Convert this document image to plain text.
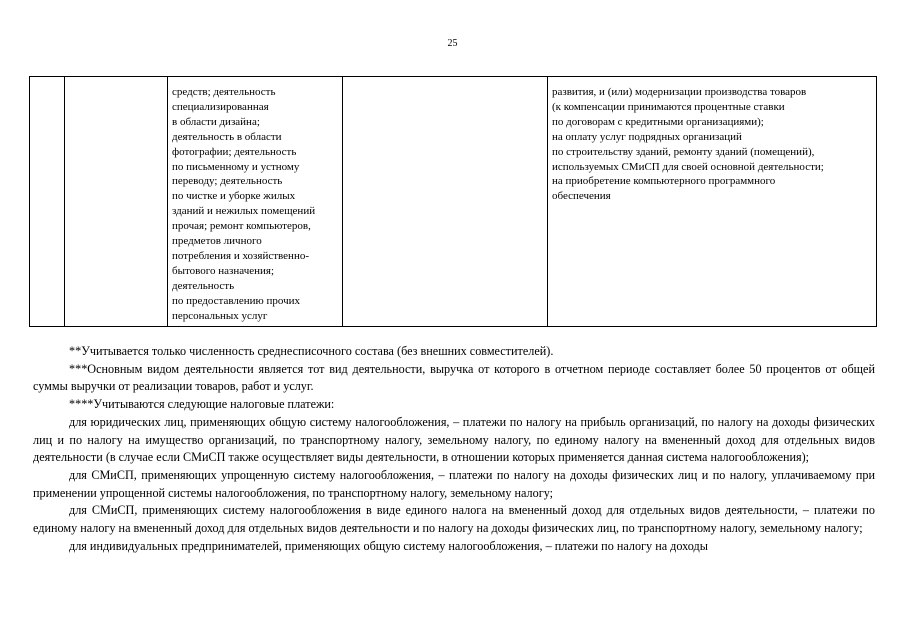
25

средств; деятельность
специализированная
в области дизайна;
деятельность в области
фотографии; деятельность
по письменному и устному
переводу; деятельность
по чистке и уборке жилых
зданий и нежилых помещений
прочая; ремонт компьютеров,
предметов личного
потребления и хозяйственно-
бытового назначения;
деятельность
по предоставлению прочих
персональных услуг

развития, и (или) модернизации производства товаров
(к компенсации принимаются процентные ставки
по договорам с кредитными организациями);
на оплату услуг подрядных организаций
по строительству зданий, ремонту зданий (помещений),
используемых СМиСП для своей основной деятельности;
на приобретение компьютерного программного
обеспечения

**Учитывается только численность среднесписочного состава (без внешних совместителей).

***Основным видом деятельности является тот вид деятельности, выручка от которого в отчетном периоде составляет более 50 процентов от общей суммы выручки от реализации товаров, работ и услуг.

****Учитываются следующие налоговые платежи:

для юридических лиц, применяющих общую систему налогообложения, – платежи по налогу на прибыль организаций, по налогу на доходы физических лиц и по налогу на имущество организаций, по транспортному налогу, земельному налогу, по единому налогу на вмененный доход для отдельных видов деятельности (в случае если СМиСП также осуществляет виды деятельности, в отношении которых применяется данная система налогообложения);

для СМиСП, применяющих упрощенную систему налогообложения, – платежи по налогу на доходы физических лиц и по налогу, уплачиваемому при применении упрощенной системы налогообложения, по транспортному налогу, земельному налогу;

для СМиСП, применяющих систему налогообложения в виде единого налога на вмененный доход для отдельных видов деятельности, – платежи по единому налогу на вмененный доход для отдельных видов деятельности и по налогу на доходы физических лиц, по транспортному налогу, земельному налогу;

для индивидуальных предпринимателей, применяющих общую систему налогообложения, – платежи по налогу на доходы
